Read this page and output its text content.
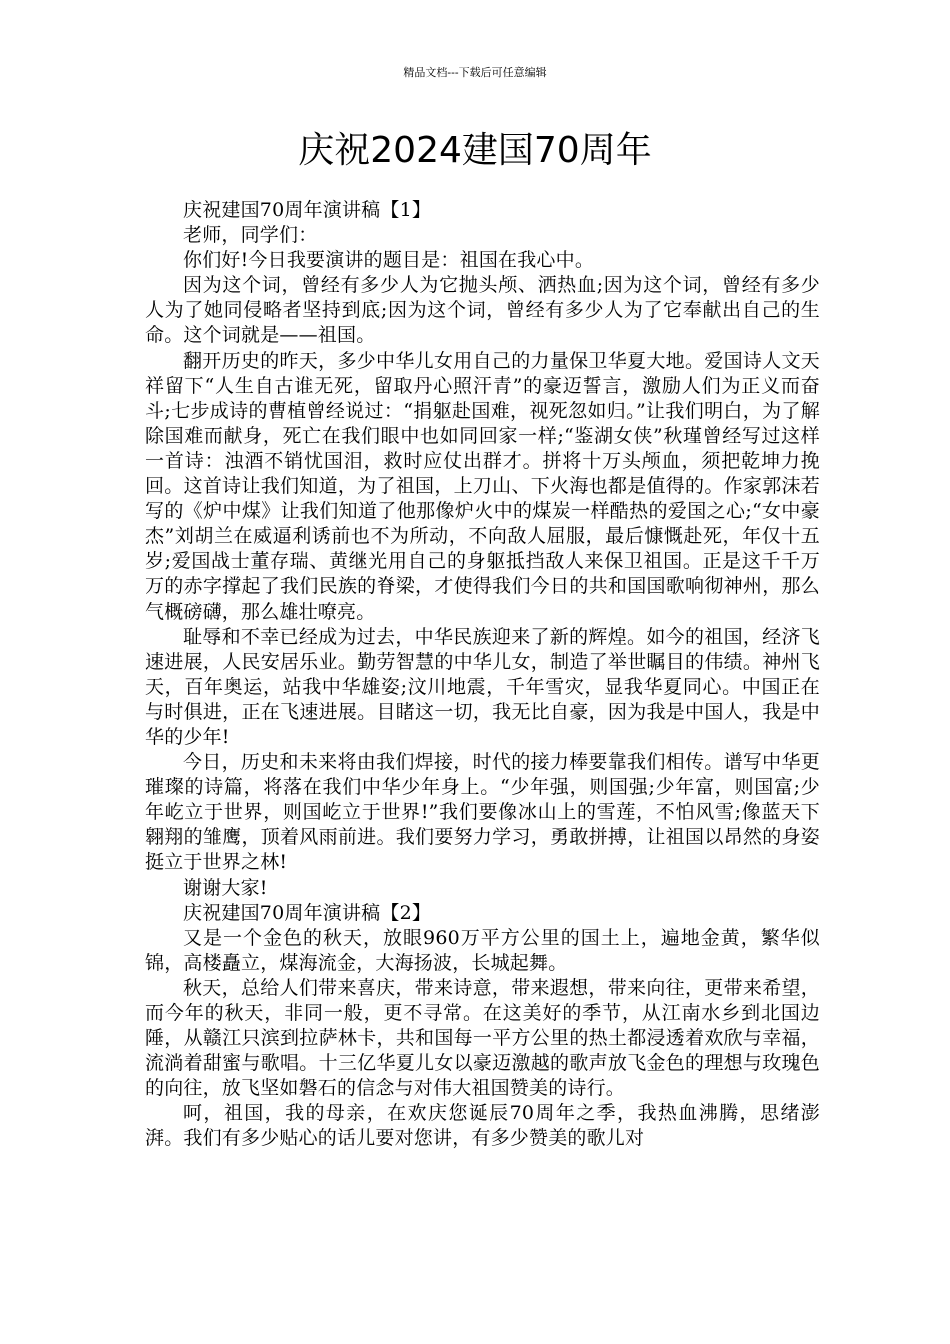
精品文档---下载后可任意编辑
庆祝2024建国70周年

庆祝建国70周年演讲稿【1】

老师，同学们：

你们好!今日我要演讲的题目是：祖国在我心中。

因为这个词，曾经有多少人为它抛头颅、洒热血;因为这个词，曾经有多少人为了她同侵略者坚持到底;因为这个词，曾经有多少人为了它奉献出自己的生命。这个词就是——祖国。

翻开历史的昨天，多少中华儿女用自己的力量保卫华夏大地。爱国诗人文天祥留下“人生自古谁无死，留取丹心照汗青”的豪迈誓言，激励人们为正义而奋斗;七步成诗的曹植曾经说过：“捐躯赴国难，视死忽如归。”让我们明白，为了解除国难而献身，死亡在我们眼中也如同回家一样;“鉴湖女侠”秋瑾曾经写过这样一首诗：浊酒不销忧国泪，救时应仗出群才。拼将十万头颅血，须把乾坤力挽回。这首诗让我们知道，为了祖国，上刀山、下火海也都是值得的。作家郭沫若写的《炉中煤》让我们知道了他那像炉火中的煤炭一样酷热的爱国之心;“女中豪杰”刘胡兰在威逼利诱前也不为所动，不向敌人屈服，最后慷慨赴死，年仅十五岁;爱国战士董存瑞、黄继光用自己的身躯抵挡敌人来保卫祖国。正是这千千万万的赤字撑起了我们民族的脊梁，才使得我们今日的共和国国歌响彻神州，那么气概磅礴，那么雄壮嘹亮。

耻辱和不幸已经成为过去，中华民族迎来了新的辉煌。如今的祖国，经济飞速进展，人民安居乐业。勤劳智慧的中华儿女，制造了举世瞩目的伟绩。神州飞天，百年奥运，站我中华雄姿;汶川地震，千年雪灾，显我华夏同心。中国正在与时俱进，正在飞速进展。目睹这一切，我无比自豪，因为我是中国人，我是中华的少年!

今日，历史和未来将由我们焊接，时代的接力棒要靠我们相传。谱写中华更璀璨的诗篇，将落在我们中华少年身上。“少年强，则国强;少年富，则国富;少年屹立于世界，则国屹立于世界!”我们要像冰山上的雪莲，不怕风雪;像蓝天下翱翔的雏鹰，顶着风雨前进。我们要努力学习，勇敢拼搏，让祖国以昂然的身姿挺立于世界之林!

谢谢大家!

庆祝建国70周年演讲稿【2】

又是一个金色的秋天，放眼960万平方公里的国土上，遍地金黄，繁华似锦，高楼矗立，煤海流金，大海扬波，长城起舞。

秋天，总给人们带来喜庆，带来诗意，带来遐想，带来向往，更带来希望，而今年的秋天，非同一般，更不寻常。在这美好的季节，从江南水乡到北国边陲，从赣江只滨到拉萨林卡，共和国每一平方公里的热土都浸透着欢欣与幸福，流淌着甜蜜与歌唱。十三亿华夏儿女以豪迈激越的歌声放飞金色的理想与玫瑰色的向往，放飞坚如磐石的信念与对伟大祖国赞美的诗行。

呵，祖国，我的母亲，在欢庆您诞辰70周年之季，我热血沸腾，思绪澎湃。我们有多少贴心的话儿要对您讲，有多少赞美的歌儿对
